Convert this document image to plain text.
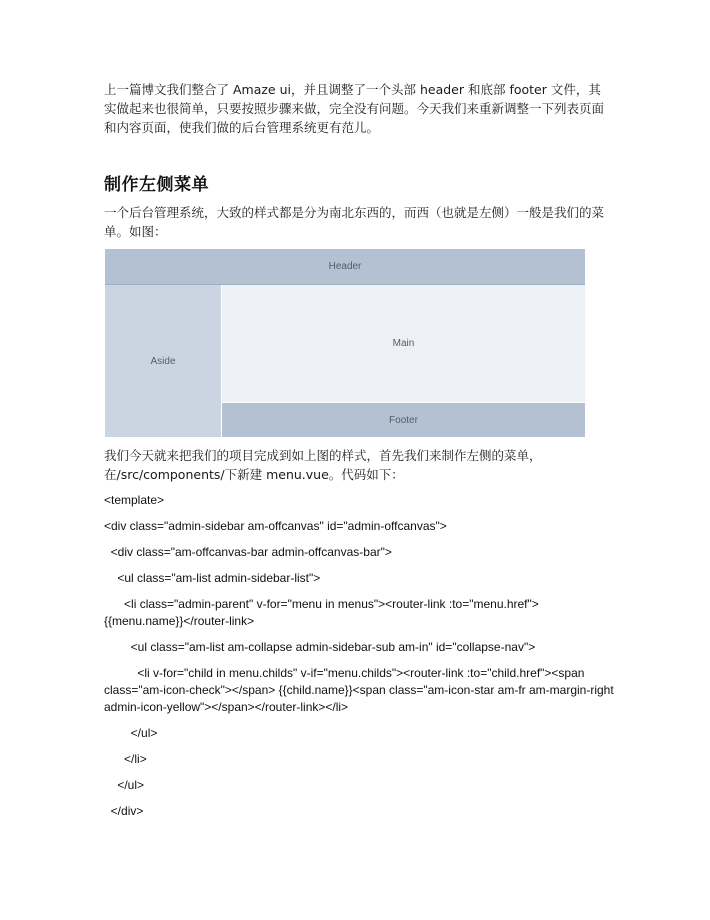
上一篇博文我们整合了 Amaze ui，并且调整了一个头部 header 和底部 footer 文件，其实做起来也很简单，只要按照步骤来做，完全没有问题。今天我们来重新调整一下列表页面和内容页面，使我们做的后台管理系统更有范儿。

制作左侧菜单

一个后台管理系统，大致的样式都是分为南北东西的，而西（也就是左侧）一般是我们的菜单。如图：

Header
Aside
Main
Footer

我们今天就来把我们的项目完成到如上图的样式，首先我们来制作左侧的菜单，在/src/components/下新建 menu.vue。代码如下：

<template>

<div class="admin-sidebar am-offcanvas" id="admin-offcanvas">

<div class="am-offcanvas-bar admin-offcanvas-bar">

<ul class="am-list admin-sidebar-list">

<li class="admin-parent" v-for="menu in menus"><router-link :to="menu.href">{{menu.name}}</router-link>

<ul class="am-list am-collapse admin-sidebar-sub am-in" id="collapse-nav">

<li v-for="child in menu.childs" v-if="menu.childs"><router-link :to="child.href"><span class="am-icon-check"></span> {{child.name}}<span class="am-icon-star am-fr am-margin-right admin-icon-yellow"></span></router-link></li>

</ul>

</li>

</ul>

</div>
